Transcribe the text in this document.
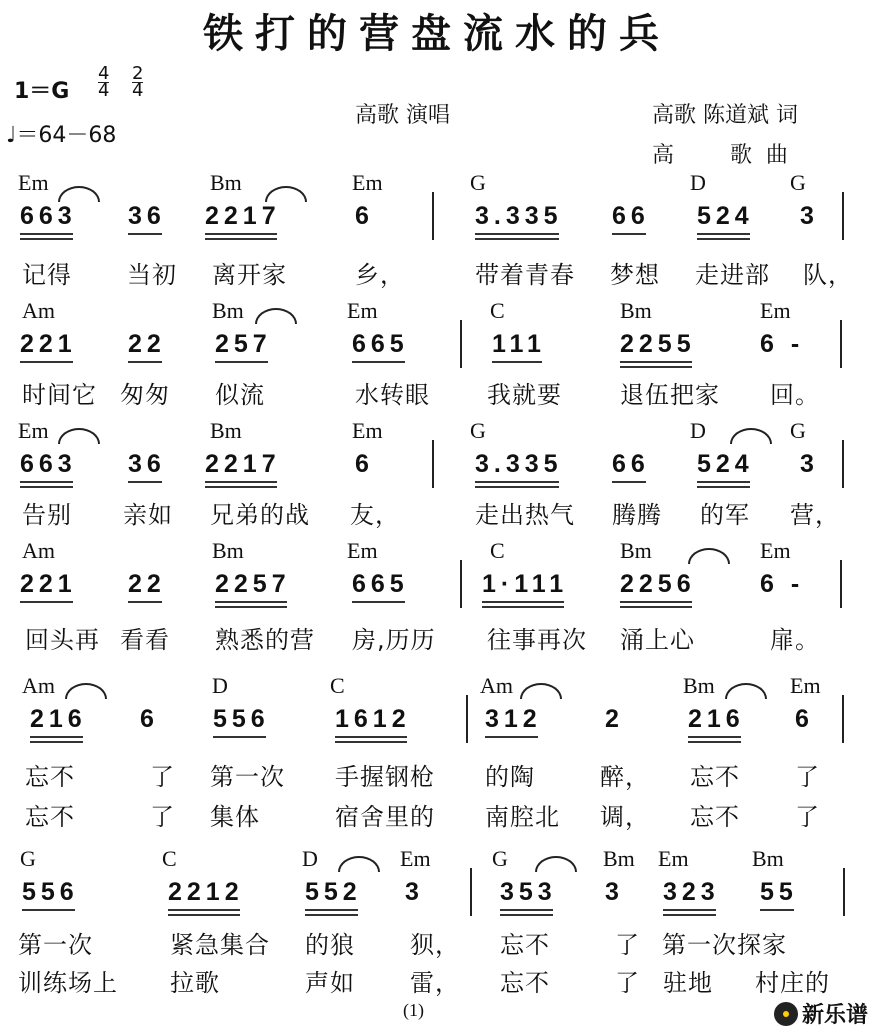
铁打的营盘流水的兵
$1=G \frac{4}{4} \frac{2}{4}$
♩＝64－68
高歌 演唱	高歌 陈道斌 词
高        歌  曲
Em	Bm	Em	G	D	G
663 36 2217	6	3.335 66 524 3
记得 当初 离开家	乡，	带着青春 梦想 走进部 队，
Am	Bm	Em	C	Bm	Em
221 22 257	665	111	2255	6 -
时间它 匆匆 似流	水转眼 我就要 退伍把家 回。
Em	Bm	Em	G	D	G
663 36 2217	6	3.335 66 524 3
告别 亲如 兄弟的战 友，	走出热气 腾腾 的军 营，
Am	Bm	Em	C	Bm	Em
221 22 2257 665	1·111 2256	6 -
回头再 看看 熟悉的营 房,历历 往事再次 涌上心	扉。
Am	D	C	Am	Bm	Em
216 6 556	1612	312	2	216 6
忘不	了 第一次 手握钢枪 的陶	醉， 忘不 了
忘不	了 集体	宿舍里的 南腔北 调， 忘不 了
G	C	D	Em	G	Bm Em	Bm
556	2212 552 3	353 3 323 55
第一次	紧急集合 的狼 狈， 忘不	了 第一次探家
训练场上 拉歌	声如 雷， 忘不	了 驻地 村庄的
(1)	新乐谱
